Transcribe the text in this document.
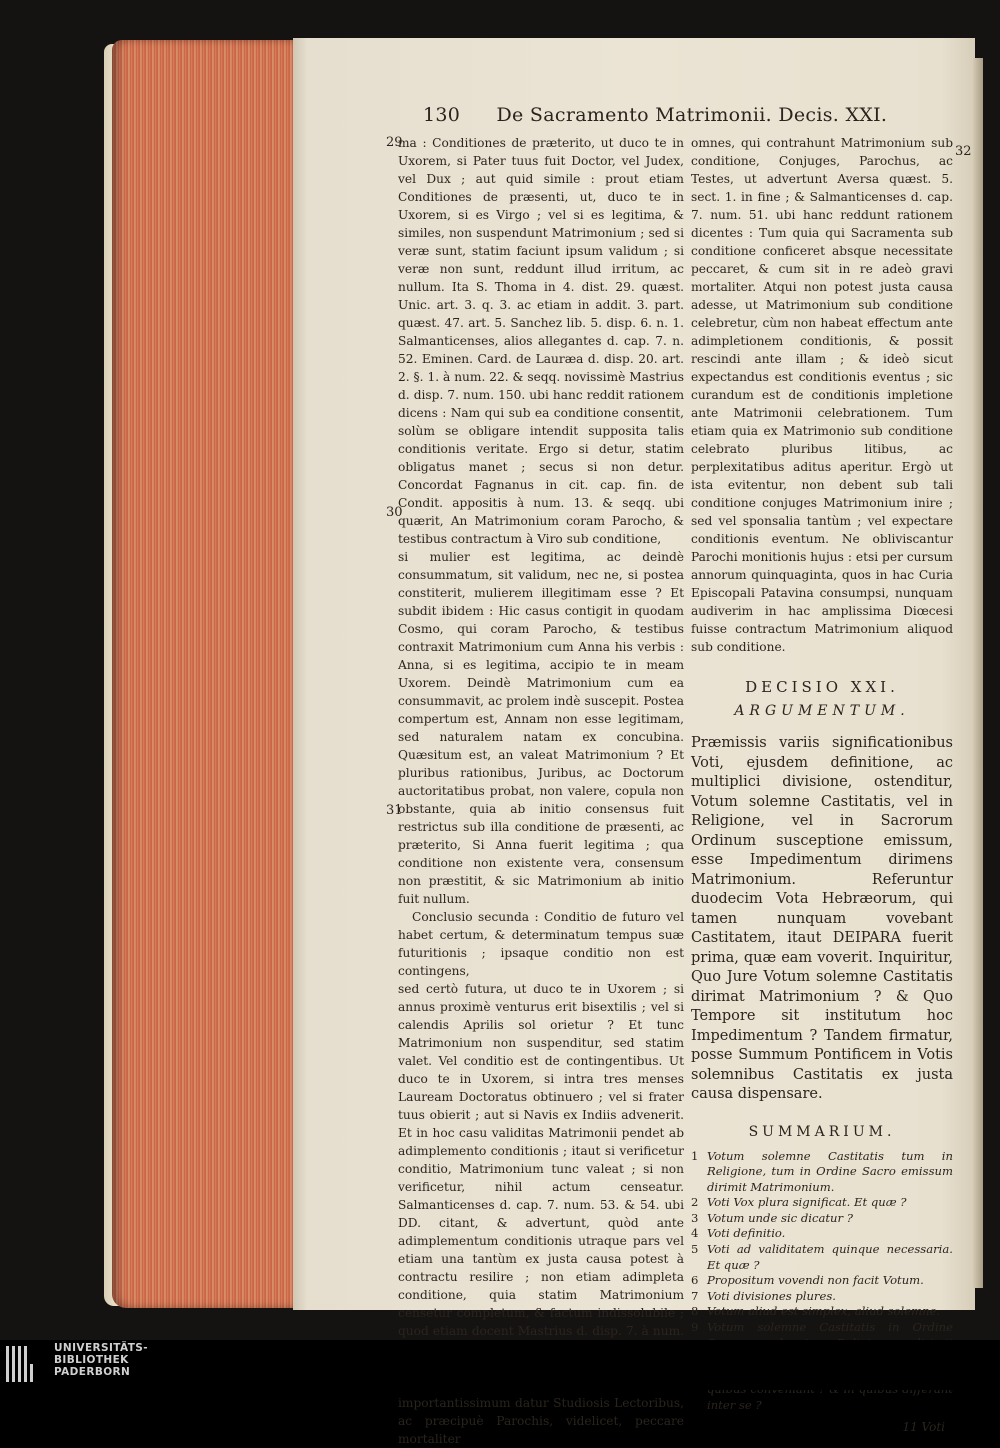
130 De Sacramento Matrimonii. Decis. XXI.
29
30
31
32

ma : Conditiones de præterito, ut duco te in Uxorem, si Pater tuus fuit Doctor, vel Judex, vel Dux ; aut quid simile : prout etiam Conditiones de præsenti, ut, duco te in Uxorem, si es Virgo ; vel si es legitima, & similes, non suspendunt Matrimonium ; sed si veræ sunt, statim faciunt ipsum validum ; si veræ non sunt, reddunt illud irritum, ac nullum. Ita S. Thoma in 4. dist. 29. quæst. Unic. art. 3. q. 3. ac etiam in addit. 3. part. quæst. 47. art. 5. Sanchez lib. 5. disp. 6. n. 1. Salmanticenses, alios allegantes d. cap. 7. n. 52. Eminen. Card. de Lauræa d. disp. 20. art. 2. §. 1. à num. 22. & seqq. novissimè Mastrius d. disp. 7. num. 150. ubi hanc reddit rationem dicens : Nam qui sub ea conditione consentit, solùm se obligare intendit supposita talis conditionis veritate. Ergo si detur, statim obligatus manet ; secus si non detur. Concordat Fagnanus in cit. cap. fin. de Condit. appositis à num. 13. & seqq. ubi quærit, An Matrimonium coram Parocho, & testibus contractum à Viro sub conditione,

si mulier est legitima, ac deindè consummatum, sit validum, nec ne, si postea constiterit, mulierem illegitimam esse ? Et subdit ibidem : Hic casus contigit in quodam Cosmo, qui coram Parocho, & testibus contraxit Matrimonium cum Anna his verbis : Anna, si es legitima, accipio te in meam Uxorem. Deindè Matrimonium cum ea consummavit, ac prolem indè suscepit. Postea compertum est, Annam non esse legitimam, sed naturalem natam ex concubina. Quæsitum est, an valeat Matrimonium ? Et pluribus rationibus, Juribus, ac Doctorum auctoritatibus probat, non valere, copula non obstante, quia ab initio consensus fuit restrictus sub illa conditione de præsenti, ac præterito, Si Anna fuerit legitima ; qua conditione non existente vera, consensum non præstitit, & sic Matrimonium ab initio fuit nullum.

Conclusio secunda : Conditio de futuro vel habet certum, & determinatum tempus suæ futuritionis ; ipsaque conditio non est contingens,

sed certò futura, ut duco te in Uxorem ; si annus proximè venturus erit bisextilis ; vel si calendis Aprilis sol orietur ? Et tunc Matrimonium non suspenditur, sed statim valet. Vel conditio est de contingentibus. Ut duco te in Uxorem, si intra tres menses Lauream Doctoratus obtinuero ; vel si frater tuus obierit ; aut si Navis ex Indiis advenerit. Et in hoc casu validitas Matrimonii pendet ab adimplemento conditionis ; itaut si verificetur conditio, Matrimonium tunc valeat ; si non verificetur, nihil actum censeatur. Salmanticenses d. cap. 7. num. 53. & 54. ubi DD. citant, & advertunt, quòd ante adimplementum conditionis utraque pars vel etiam una tantùm ex justa causa potest à contractu resilire ; non etiam adimpleta conditione, quia statim Matrimonium censetur completum, & factum indissolubile ; quod etiam docent Mastrius d. disp. 7. à num.

importantissimum datur Studiosis Lectoribus, ac præcipuè Parochis, videlicet, peccare mortaliter

omnes, qui contrahunt Matrimonium sub conditione, Conjuges, Parochus, ac Testes, ut advertunt Aversa quæst. 5. sect. 1. in fine ; & Salmanticenses d. cap. 7. num. 51. ubi hanc reddunt rationem dicentes : Tum quia qui Sacramenta sub conditione conficeret absque necessitate peccaret, & cum sit in re adeò gravi mortaliter. Atqui non potest justa causa adesse, ut Matrimonium sub conditione celebretur, cùm non habeat effectum ante adimpletionem conditionis, & possit rescindi ante illam ; & ideò sicut expectandus est conditionis eventus ; sic curandum est de conditionis impletione ante Matrimonii celebrationem. Tum etiam quia ex Matrimonio sub conditione celebrato pluribus litibus, ac perplexitatibus aditus aperitur. Ergò ut ista evitentur, non debent sub tali conditione conjuges Matrimonium inire ; sed vel sponsalia tantùm ; vel expectare conditionis eventum. Ne obliviscantur Parochi monitionis hujus : etsi per cursum annorum quinquaginta, quos in hac Curia Episcopali Patavina consumpsi, nunquam audiverim in hac amplissima Diœcesi fuisse contractum Matrimonium aliquod sub conditione.

DECISIO XXI.
ARGUMENTUM.
Præmissis variis significationibus Voti, ejusdem definitione, ac multiplici divisione, ostenditur, Votum solemne Castitatis, vel in Religione, vel in Sacrorum Ordinum susceptione emissum, esse Impedimentum dirimens Matrimonium. Referuntur duodecim Vota Hebræorum, qui tamen nunquam vovebant Castitatem, itaut DEIPARA fuerit prima, quæ eam voverit. Inquiritur, Quo Jure Votum solemne Castitatis dirimat Matrimonium ? & Quo Tempore sit institutum hoc Impedimentum ? Tandem firmatur, posse Summum Pontificem in Votis solemnibus Castitatis ex justa causa dispensare.
SUMMARIUM.
1 Votum solemne Castitatis tum in Religione, tum in Ordine Sacro emissum dirimit Matrimonium.
2 Voti Vox plura significat. Et quæ ?
3 Votum unde sic dicatur ?
4 Voti definitio.
5 Voti ad validitatem quinque necessaria. Et quæ ?
6 Propositum vovendi non facit Votum.
7 Voti divisiones plures.
8 Votum aliud est simplex, aliud solemne.
9 Votum solemne Castitatis in Ordine
inter se ?
11 Voti
UNIVERSITÄTS-
BIBLIOTHEK
PADERBORN
